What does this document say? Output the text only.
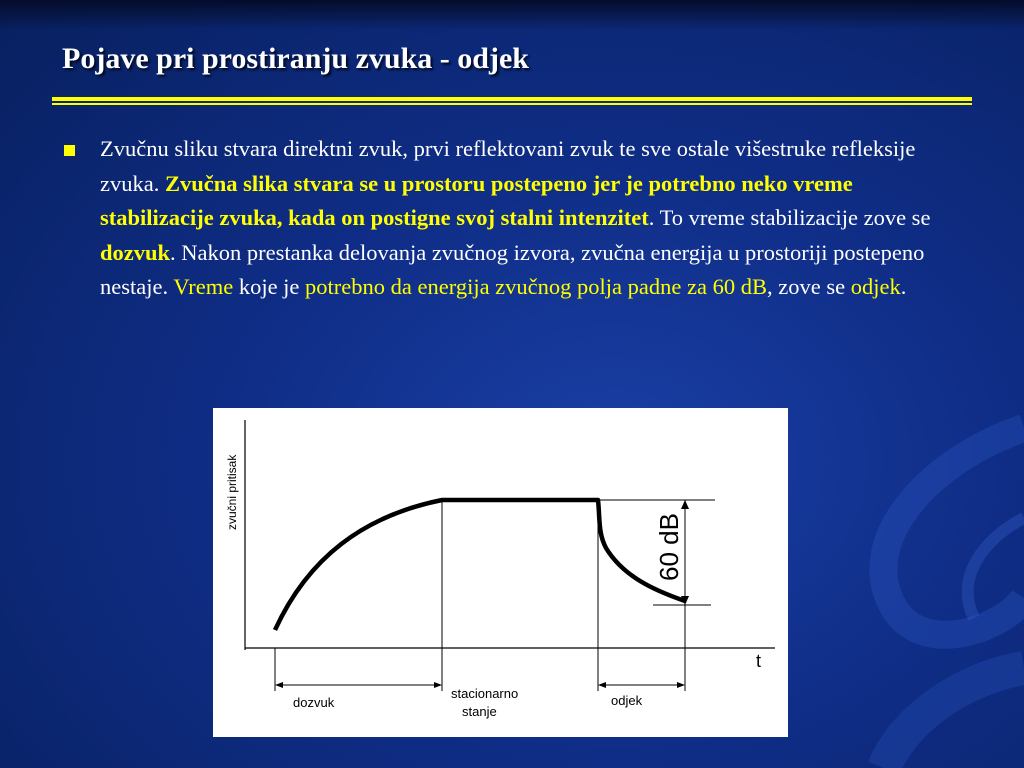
Pojave pri prostiranju zvuka - odjek

Zvučnu sliku stvara direktni zvuk, prvi reflektovani zvuk te sve ostale višestruke refleksije zvuka. Zvučna slika stvara se u prostoru postepeno jer je potrebno neko vreme stabilizacije zvuka, kada on postigne svoj stalni intenzitet. To vreme stabilizacije zove se dozvuk. Nakon prestanka delovanja zvučnog izvora, zvučna energija u prostoriji postepeno nestaje. Vreme koje je potrebno da energija zvučnog polja padne za 60 dB, zove se odjek.

60 dB
zvučni pritisak
t
dozvuk
stacionarno
stanje
odjek
